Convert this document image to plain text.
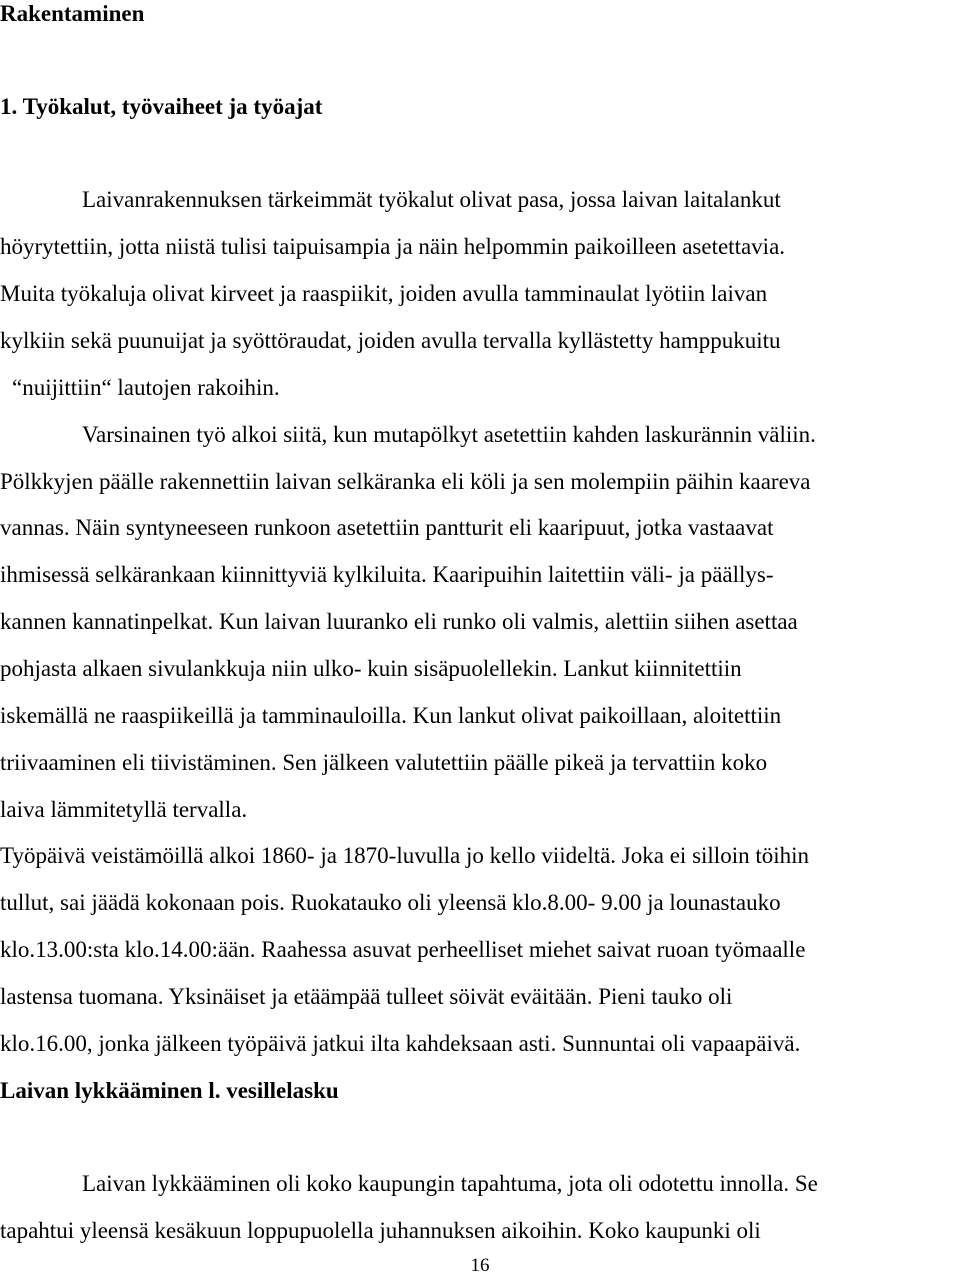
Rakentaminen
1. Työkalut, työvaiheet ja työajat
Laivanrakennuksen tärkeimmät työkalut olivat pasa, jossa laivan laitalankut
höyrytettiin, jotta niistä tulisi taipuisampia ja näin helpommin paikoilleen asetettavia.
Muita työkaluja olivat kirveet ja raaspiikit, joiden avulla tamminaulat lyötiin laivan
kylkiin sekä puunuijat ja syöttöraudat, joiden avulla tervalla kyllästetty hamppukuitu
“nuijittiin“ lautojen rakoihin.
Varsinainen työ alkoi siitä, kun mutapölkyt asetettiin kahden laskurännin väliin.
Pölkkyjen päälle rakennettiin laivan selkäranka eli köli ja sen molempiin päihin kaareva
vannas. Näin syntyneeseen runkoon asetettiin pantturit eli kaaripuut, jotka vastaavat
ihmisessä selkärankaan kiinnittyviä kylkiluita. Kaaripuihin laitettiin väli- ja päällys-
kannen kannatinpelkat. Kun laivan luuranko eli runko oli valmis, alettiin siihen asettaa
pohjasta alkaen sivulankkuja niin ulko- kuin sisäpuolellekin. Lankut kiinnitettiin
iskemällä ne raaspiikeillä ja tamminauloilla. Kun lankut olivat paikoillaan, aloitettiin
triivaaminen eli tiivistäminen. Sen jälkeen valutettiin päälle pikeä ja tervattiin koko
laiva lämmitetyllä tervalla.
Työpäivä veistämöillä alkoi 1860- ja 1870-luvulla jo kello viideltä. Joka ei silloin töihin
tullut, sai jäädä kokonaan pois. Ruokatauko oli yleensä klo.8.00- 9.00 ja lounastauko
klo.13.00:sta klo.14.00:ään. Raahessa asuvat perheelliset miehet saivat ruoan työmaalle
lastensa tuomana. Yksinäiset ja etäämpää tulleet söivät eväitään. Pieni tauko oli
klo.16.00, jonka jälkeen työpäivä jatkui ilta kahdeksaan asti. Sunnuntai oli vapaapäivä.
Laivan lykkääminen l. vesillelasku
Laivan lykkääminen oli koko kaupungin tapahtuma, jota oli odotettu innolla. Se
tapahtui yleensä kesäkuun loppupuolella juhannuksen aikoihin. Koko kaupunki oli
16
